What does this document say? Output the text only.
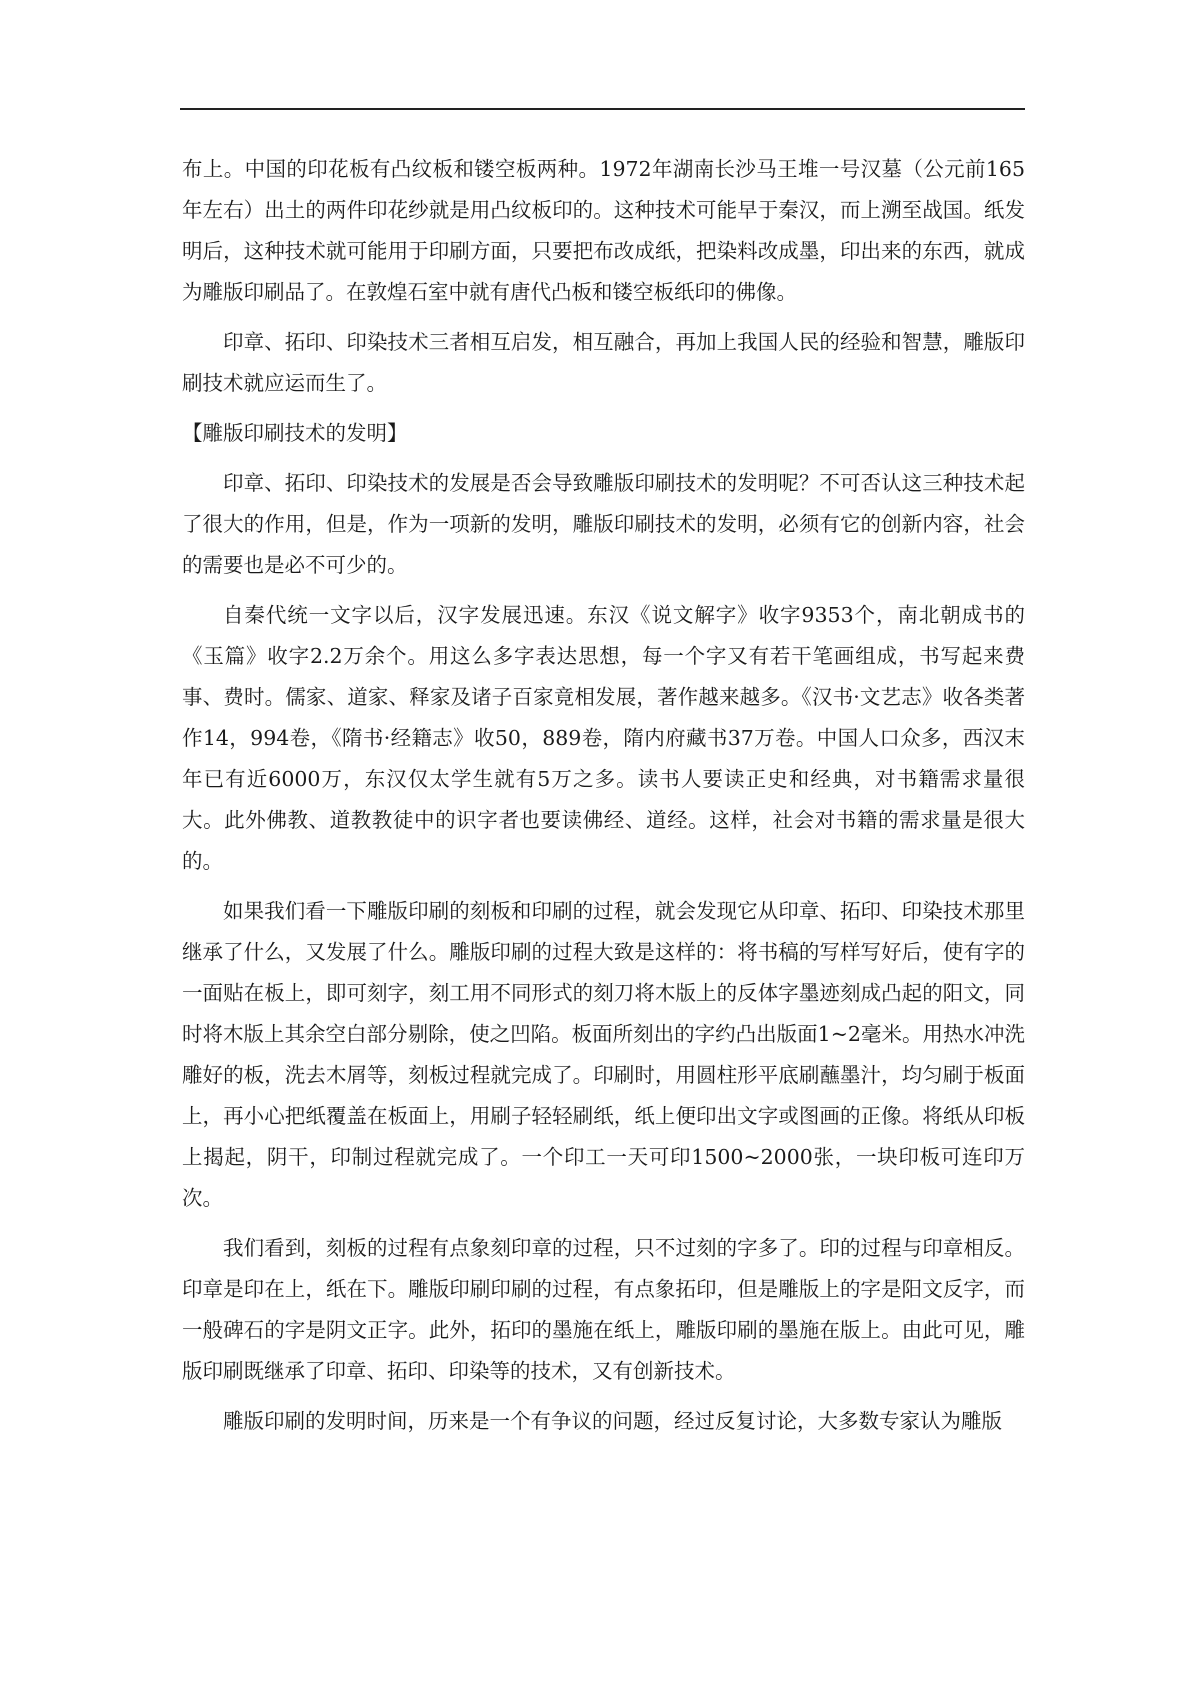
布上。中国的印花板有凸纹板和镂空板两种。1972年湖南长沙马王堆一号汉墓（公元前165年左右）出土的两件印花纱就是用凸纹板印的。这种技术可能早于秦汉，而上溯至战国。纸发明后，这种技术就可能用于印刷方面，只要把布改成纸，把染料改成墨，印出来的东西，就成为雕版印刷品了。在敦煌石室中就有唐代凸板和镂空板纸印的佛像。

印章、拓印、印染技术三者相互启发，相互融合，再加上我国人民的经验和智慧，雕版印刷技术就应运而生了。

【雕版印刷技术的发明】

印章、拓印、印染技术的发展是否会导致雕版印刷技术的发明呢？不可否认这三种技术起了很大的作用，但是，作为一项新的发明，雕版印刷技术的发明，必须有它的创新内容，社会的需要也是必不可少的。

自秦代统一文字以后，汉字发展迅速。东汉《说文解字》收字9353个，南北朝成书的《玉篇》收字2.2万余个。用这么多字表达思想，每一个字又有若干笔画组成，书写起来费事、费时。儒家、道家、释家及诸子百家竟相发展，著作越来越多。《汉书·文艺志》收各类著作14，994卷，《隋书·经籍志》收50，889卷，隋内府藏书37万卷。中国人口众多，西汉末年已有近6000万，东汉仅太学生就有5万之多。读书人要读正史和经典，对书籍需求量很大。此外佛教、道教教徒中的识字者也要读佛经、道经。这样，社会对书籍的需求量是很大的。

如果我们看一下雕版印刷的刻板和印刷的过程，就会发现它从印章、拓印、印染技术那里继承了什么，又发展了什么。雕版印刷的过程大致是这样的：将书稿的写样写好后，使有字的一面贴在板上，即可刻字，刻工用不同形式的刻刀将木版上的反体字墨迹刻成凸起的阳文，同时将木版上其余空白部分剔除，使之凹陷。板面所刻出的字约凸出版面1~2毫米。用热水冲洗雕好的板，洗去木屑等，刻板过程就完成了。印刷时，用圆柱形平底刷蘸墨汁，均匀刷于板面上，再小心把纸覆盖在板面上，用刷子轻轻刷纸，纸上便印出文字或图画的正像。将纸从印板上揭起，阴干，印制过程就完成了。一个印工一天可印1500~2000张，一块印板可连印万次。

我们看到，刻板的过程有点象刻印章的过程，只不过刻的字多了。印的过程与印章相反。印章是印在上，纸在下。雕版印刷印刷的过程，有点象拓印，但是雕版上的字是阳文反字，而一般碑石的字是阴文正字。此外，拓印的墨施在纸上，雕版印刷的墨施在版上。由此可见，雕版印刷既继承了印章、拓印、印染等的技术，又有创新技术。

雕版印刷的发明时间，历来是一个有争议的问题，经过反复讨论，大多数专家认为雕版
